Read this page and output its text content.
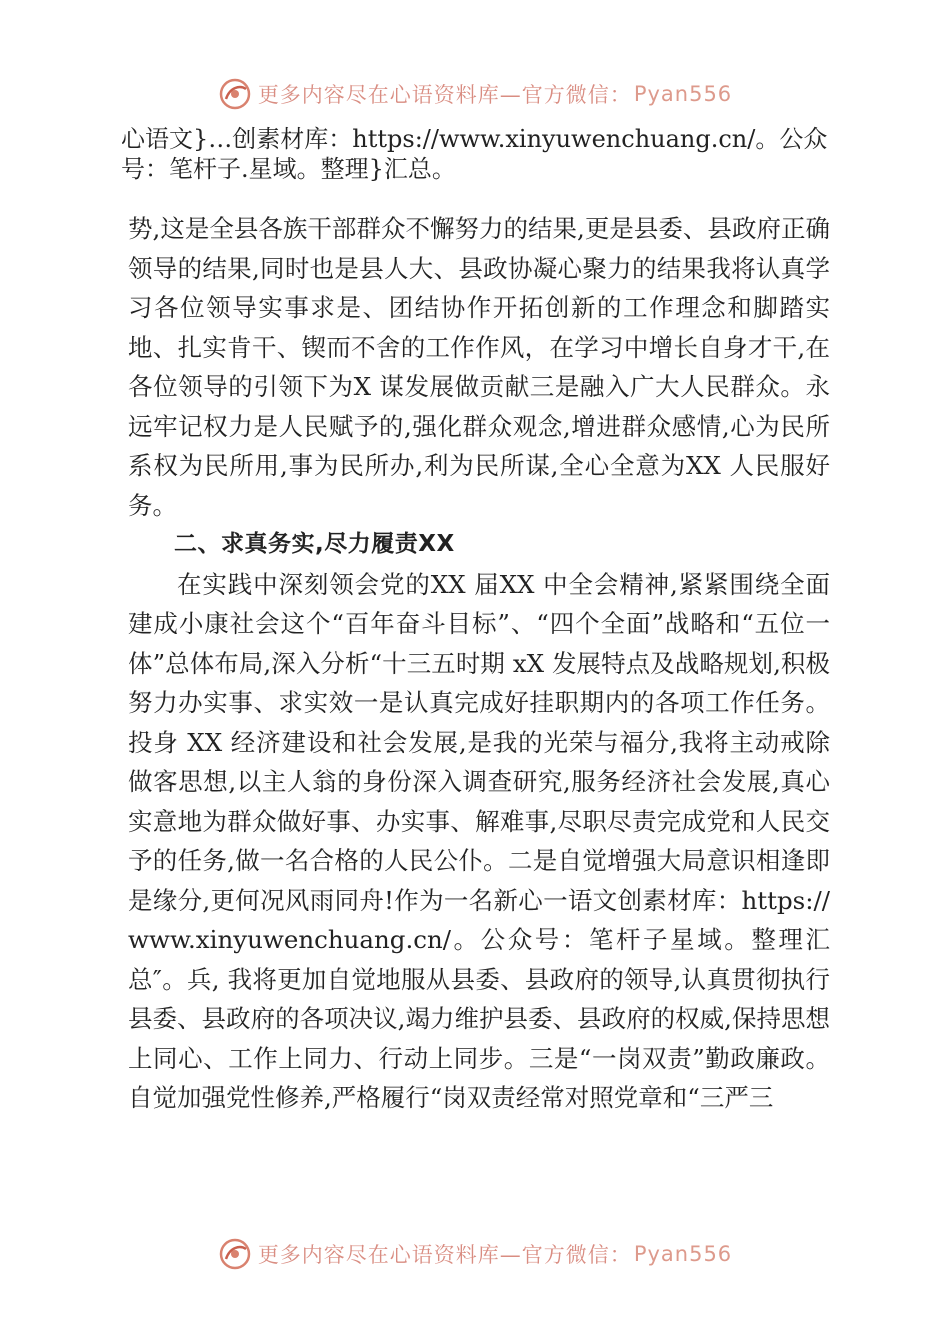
更多内容尽在心语资料库—官方微信： Pyan556
心语文}…创素材库：https://www.xinyuwenchuang.cn/。公众
号：笔杆子.星域。整理}汇总。

势,这是全县各族干部群众不懈努力的结果,更是县委、县政府正确领导的结果,同时也是县人大、县政协凝心聚力的结果我将认真学习各位领导实事求是、团结协作开拓创新的工作理念和脚踏实地、扎实肯干、锲而不舍的工作作风，在学习中增长自身才干,在各位领导的引领下为X 谋发展做贡献三是融入广大人民群众。永远牢记权力是人民赋予的,强化群众观念,增进群众感情,心为民所系权为民所用,事为民所办,利为民所谋,全心全意为XX 人民服好务。

二、求真务实,尽力履责XX

在实践中深刻领会党的XX 届XX 中全会精神,紧紧围绕全面建成小康社会这个“百年奋斗目标”、“四个全面”战略和“五位一体”总体布局,深入分析“十三五时期 xX 发展特点及战略规划,积极努力办实事、求实效一是认真完成好挂职期内的各项工作任务。投身 XX 经济建设和社会发展,是我的光荣与福分,我将主动戒除做客思想,以主人翁的身份深入调查研究,服务经济社会发展,真心实意地为群众做好事、办实事、解难事,尽职尽责完成党和人民交予的任务,做一名合格的人民公仆。二是自觉增强大局意识相逢即是缘分,更何况风雨同舟!作为一名新心一语文创素材库：https://www.xinyuwenchuang.cn/。公众号：笔杆子星域。整理汇总″。兵, 我将更加自觉地服从县委、县政府的领导,认真贯彻执行县委、县政府的各项决议,竭力维护县委、县政府的权威,保持思想上同心、工作上同力、行动上同步。三是“一岗双责”勤政廉政。自觉加强党性修养,严格履行“岗双责经常对照党章和“三严三

更多内容尽在心语资料库—官方微信： Pyan556
